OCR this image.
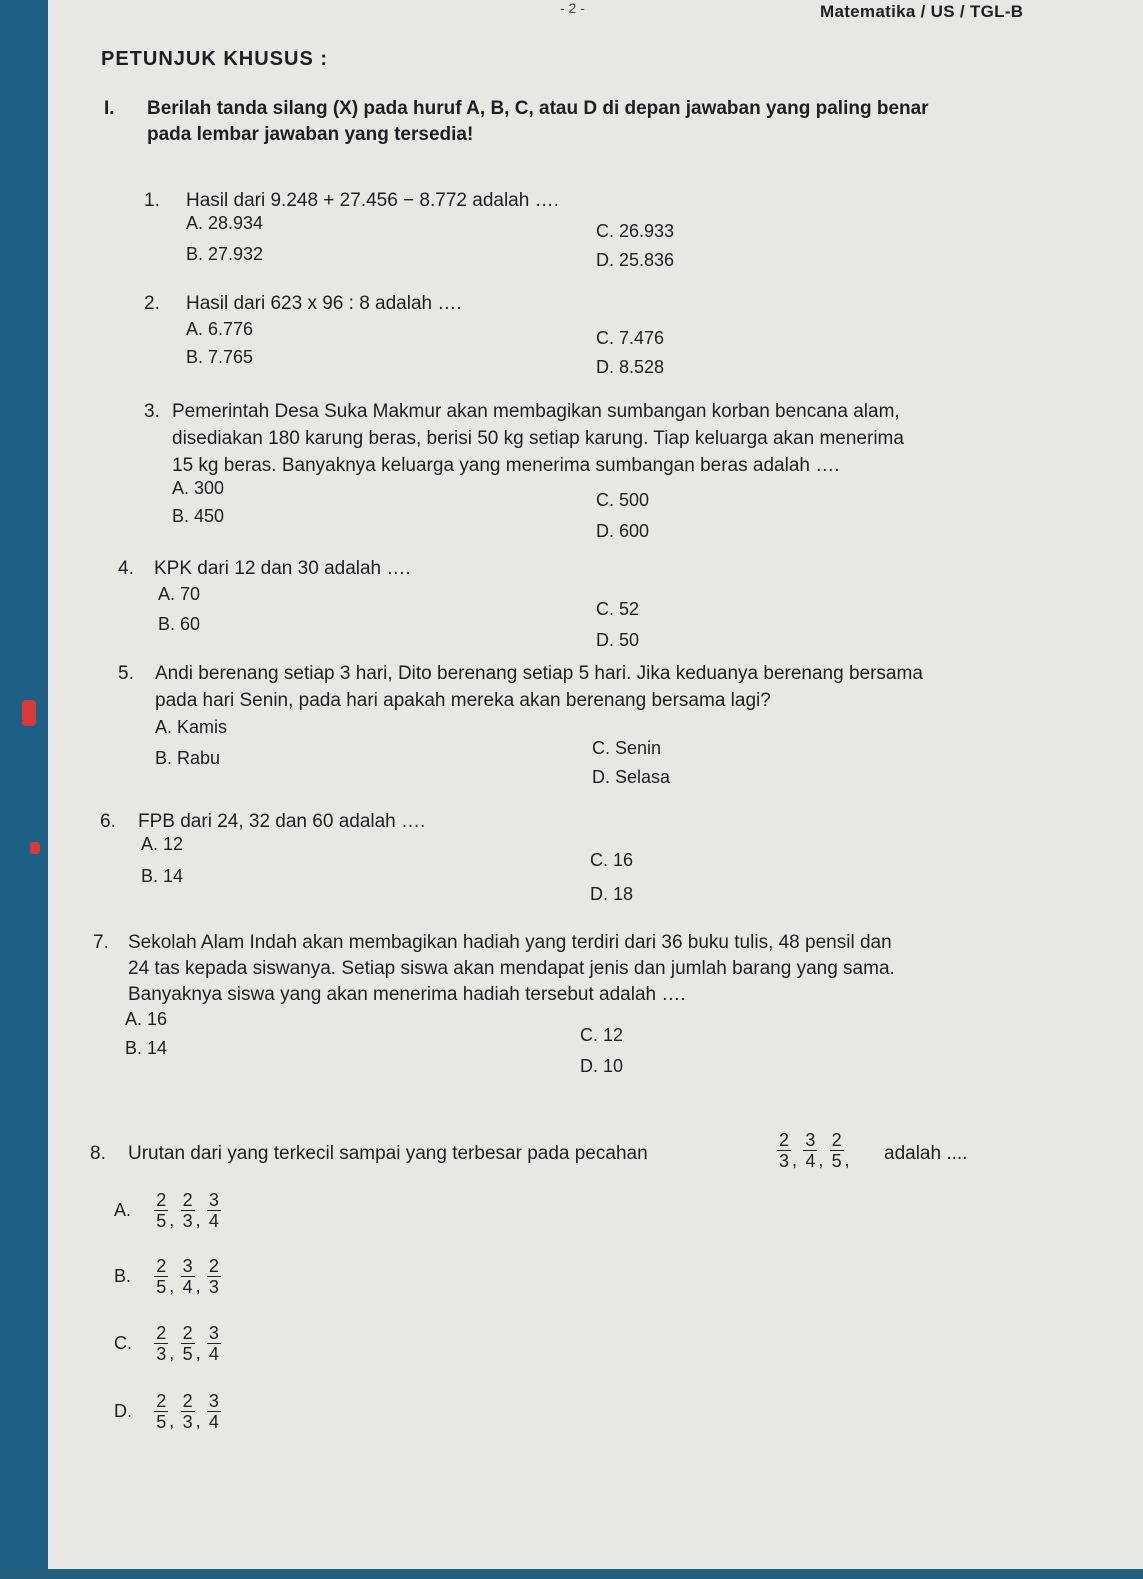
- 2 -	Matematika / US / TGL-B
PETUNJUK KHUSUS :
I. Berilah tanda silang (X) pada huruf A, B, C, atau D di depan jawaban yang paling benar
pada lembar jawaban yang tersedia!
1. Hasil dari 9.248 + 27.456 − 8.772 adalah ….
A. 28.934	C. 26.933
B. 27.932	D. 25.836
2. Hasil dari 623 x 96 : 8 adalah ….
A. 6.776	C. 7.476
B. 7.765	D. 8.528
3. Pemerintah Desa Suka Makmur akan membagikan sumbangan korban bencana alam,
disediakan 180 karung beras, berisi 50 kg setiap karung. Tiap keluarga akan menerima
15 kg beras. Banyaknya keluarga yang menerima sumbangan beras adalah ….
A. 300
C. 500
B. 450
D. 600
4. KPK dari 12 dan 30 adalah ….
A. 70
C. 52
B. 60
D. 50
5. Andi berenang setiap 3 hari, Dito berenang setiap 5 hari. Jika keduanya berenang bersama
pada hari Senin, pada hari apakah mereka akan berenang bersama lagi?
A. Kamis
C. Senin
B. Rabu
D. Selasa
6. FPB dari 24, 32 dan 60 adalah ….
A. 12
C. 16
B. 14
D. 18
7. Sekolah Alam Indah akan membagikan hadiah yang terdiri dari 36 buku tulis, 48 pensil dan
24 tas kepada siswanya. Setiap siswa akan mendapat jenis dan jumlah barang yang sama.
Banyaknya siswa yang akan menerima hadiah tersebut adalah ….
A. 16
C. 12
B. 14
D. 10
8. Urutan dari yang terkecil sampai yang terbesar pada pecahan	$\frac{2}{3}$ , $\frac{3}{4}$ , $\frac{2}{5}$ , adalah ....
A. $\frac{2}{5}$ , $\frac{2}{3}$ , $\frac{3}{4}$
B. $\frac{2}{5}$ , $\frac{3}{4}$ , $\frac{2}{3}$
C. $\frac{2}{3}$ , $\frac{2}{5}$ , $\frac{3}{4}$
D. $\frac{2}{5}$ , $\frac{2}{3}$ , $\frac{3}{4}$
